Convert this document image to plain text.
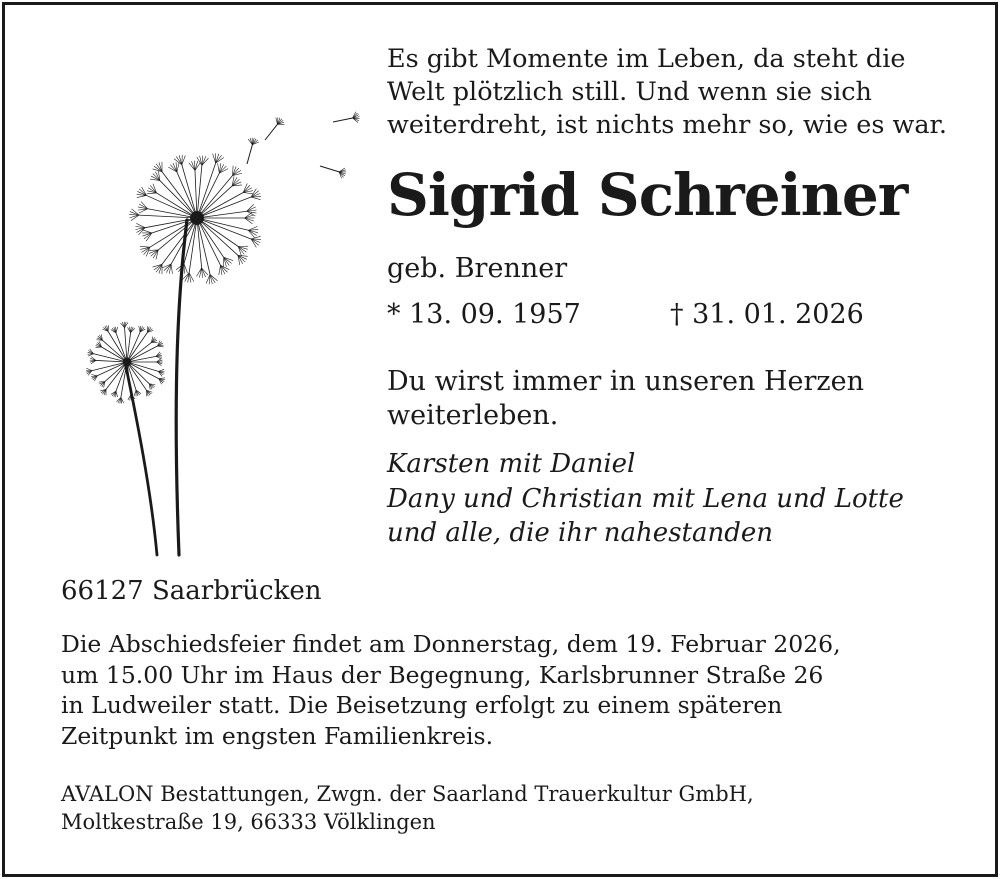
Es gibt Momente im Leben, da steht die
Welt plötzlich still. Und wenn sie sich
weiterdreht, ist nichts mehr so, wie es war.

Sigrid Schreiner
geb. Brenner
* 13. 09. 1957	† 31. 01. 2026

Du wirst immer in unseren Herzen
weiterleben.

Karsten mit Daniel
Dany und Christian mit Lena und Lotte
und alle, die ihr nahestanden
66127 Saarbrücken
Die Abschiedsfeier findet am Donnerstag, dem 19. Februar 2026,
um 15.00 Uhr im Haus der Begegnung, Karlsbrunner Straße 26
in Ludweiler statt. Die Beisetzung erfolgt zu einem späteren
Zeitpunkt im engsten Familienkreis.
AVALON Bestattungen, Zwgn. der Saarland Trauerkultur GmbH,
Moltkestraße 19, 66333 Völklingen
